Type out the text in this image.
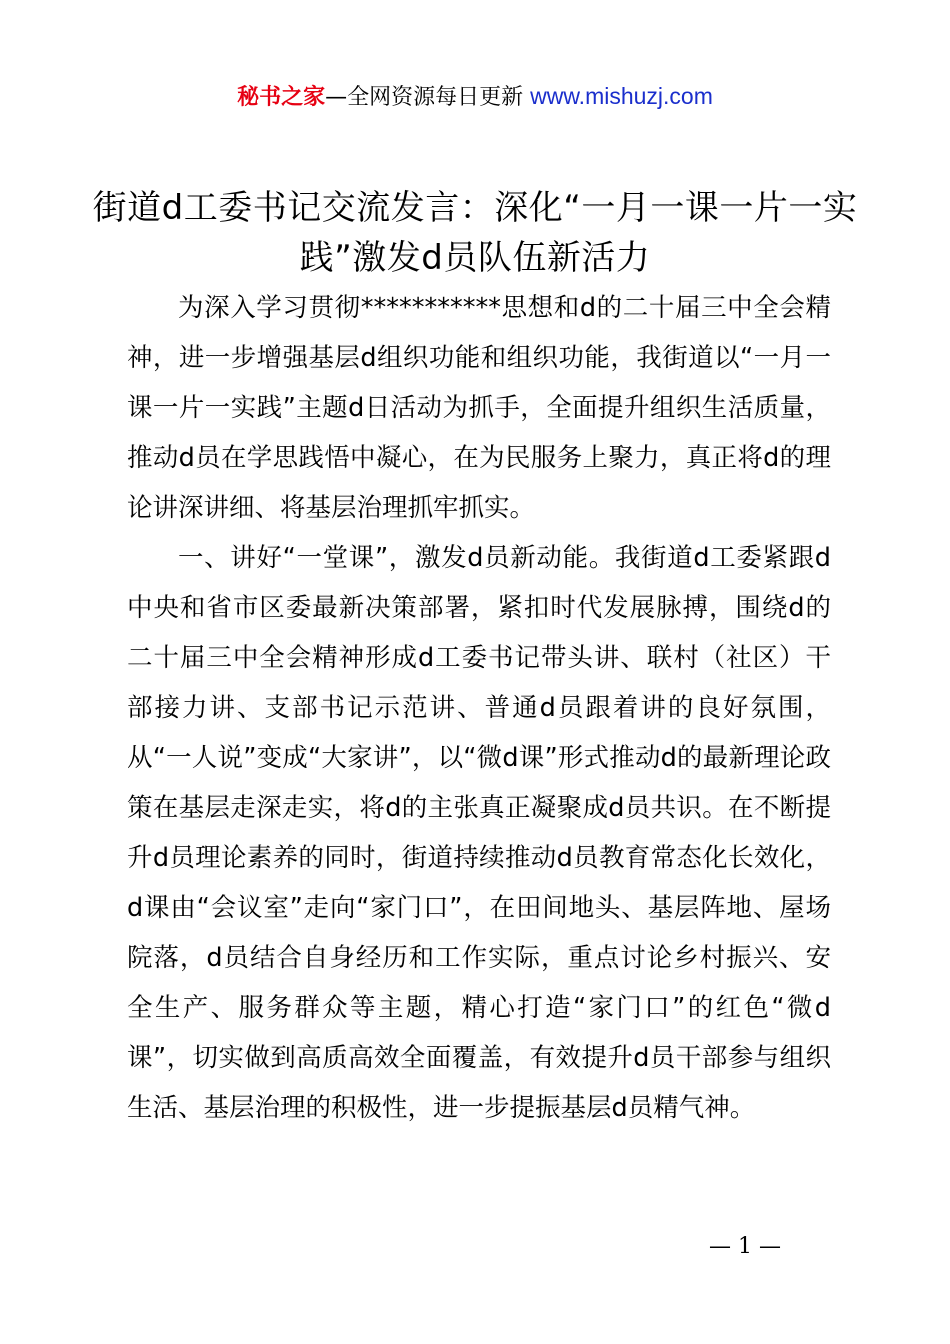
秘书之家—全网资源每日更新 www.mishuzj.com
街道d工委书记交流发言：深化“一月一课一片一实践”激发d员队伍新活力

为深入学习贯彻***********思想和d的二十届三中全会精神，进一步增强基层d组织功能和组织功能，我街道以“一月一课一片一实践”主题d日活动为抓手，全面提升组织生活质量，推动d员在学思践悟中凝心，在为民服务上聚力，真正将d的理论讲深讲细、将基层治理抓牢抓实。

一、讲好“一堂课”，激发d员新动能。我街道d工委紧跟d中央和省市区委最新决策部署，紧扣时代发展脉搏，围绕d的二十届三中全会精神形成d工委书记带头讲、联村（社区）干部接力讲、支部书记示范讲、普通d员跟着讲的良好氛围，从“一人说”变成“大家讲”，以“微d课”形式推动d的最新理论政策在基层走深走实，将d的主张真正凝聚成d员共识。在不断提升d员理论素养的同时，街道持续推动d员教育常态化长效化，d课由“会议室”走向“家门口”，在田间地头、基层阵地、屋场院落，d员结合自身经历和工作实际，重点讨论乡村振兴、安全生产、服务群众等主题，精心打造“家门口”的红色“微d课”，切实做到高质高效全面覆盖，有效提升d员干部参与组织生活、基层治理的积极性，进一步提振基层d员精气神。

— 1 —
